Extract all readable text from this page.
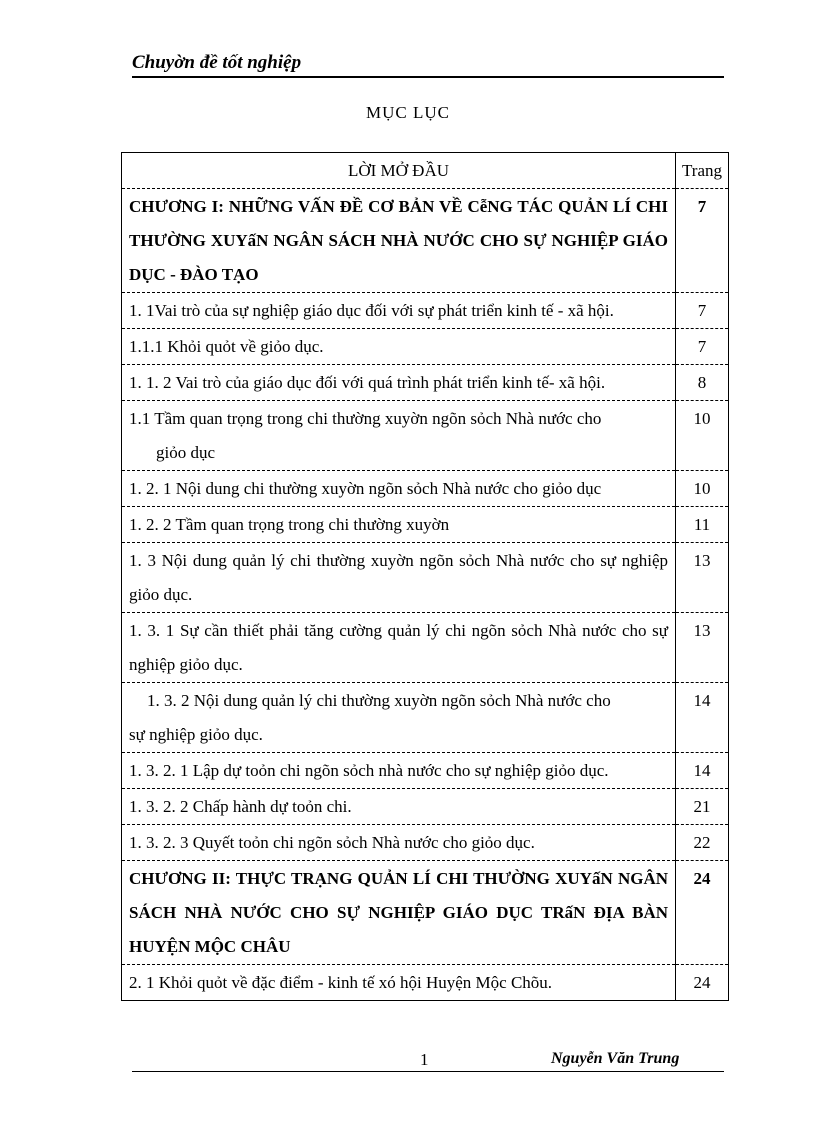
Chuyờn đề tốt nghiệp
MỤC LỤC
LỜI MỞ ĐẦU	Trang
CHƯƠNG I: NHỮNG VẤN ĐỀ CƠ BẢN VỀ CễNG TÁC QUẢN LÍ CHI THƯỜNG XUYấN NGÂN SÁCH NHÀ NƯỚC CHO SỰ NGHIỆP GIÁO DỤC - ĐÀO TẠO	7
1. 1Vai trò của sự nghiệp giáo dục đối với sự phát triển kinh tế - xã hội.	7
1.1.1 Khỏi quỏt về giỏo dục.	7
1. 1. 2 Vai trò của giáo dục đối với quá trình phát triển kinh tế- xã hội.	8
1.1 Tầm quan trọng trong chi thường xuyờn ngõn sỏch Nhà nước cho
giỏo dục	10
1. 2. 1 Nội dung chi thường xuyờn ngõn sỏch Nhà nước cho giỏo dục	10
1. 2. 2 Tầm quan trọng trong chi thường xuyờn	11
1. 3 Nội dung quản lý chi thường xuyờn ngõn sỏch Nhà nước cho sự nghiệp giỏo dục.	13
1. 3. 1 Sự cần thiết phải tăng cường quản lý chi ngõn sỏch Nhà nước cho sự nghiệp giỏo dục.	13
1. 3. 2 Nội dung quản lý chi thường xuyờn ngõn sỏch Nhà nước cho
sự nghiệp giỏo dục.	14
1. 3. 2. 1 Lập dự toỏn chi ngõn sỏch nhà nước cho sự nghiệp giỏo dục.	14
1. 3. 2. 2 Chấp hành dự toỏn chi.	21
1. 3. 2. 3 Quyết toỏn chi ngõn sỏch Nhà nước cho giỏo dục.	22
CHƯƠNG II: THỰC TRẠNG QUẢN LÍ CHI THƯỜNG XUYấN NGÂN SÁCH NHÀ NƯỚC CHO SỰ NGHIỆP GIÁO DỤC TRấN ĐỊA BÀN HUYỆN MỘC CHÂU	24
2. 1 Khỏi quỏt về đặc điểm - kinh tế xó hội Huyện Mộc Chõu.	24
1	Nguyễn Văn Trung
